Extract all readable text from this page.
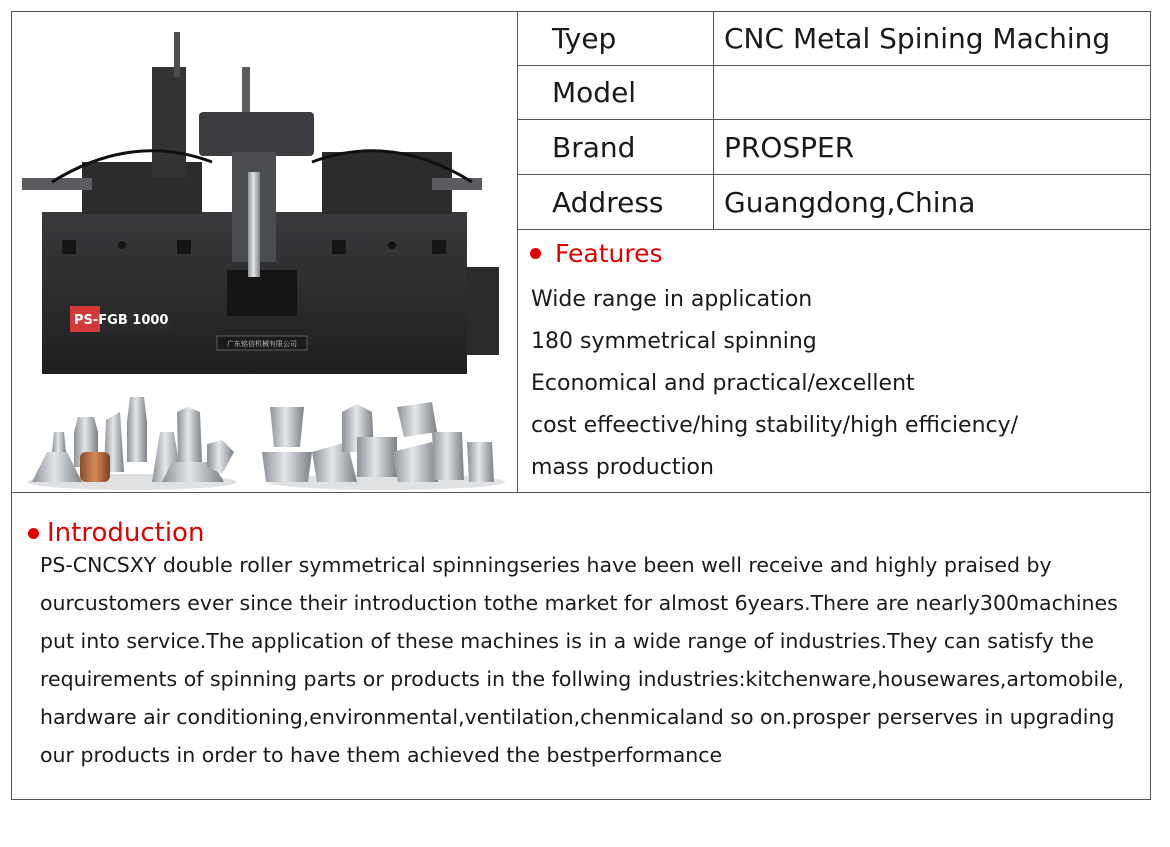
PS-FGB 1000
广东铭信机械有限公司
Tyep	CNC Metal Spining Maching
Model
Brand	PROSPER
Address	Guangdong,China
Features
Wide range in application
180 symmetrical spinning
Economical and practical/excellent
cost effeective/hing stability/high efficiency/
mass production
Introduction
PS-CNCSXY double roller symmetrical spinningseries have been well receive and highly praised by
ourcustomers ever since their introduction tothe market for almost 6years.There are nearly300machines
put into service.The application of these machines is in a wide range of industries.They can satisfy the
requirements of spinning parts or products in the follwing industries:kitchenware,housewares,artomobile,
hardware air conditioning,environmental,ventilation,chenmicaland so on.prosper perserves in upgrading
our products in order to have them achieved the bestperformance
